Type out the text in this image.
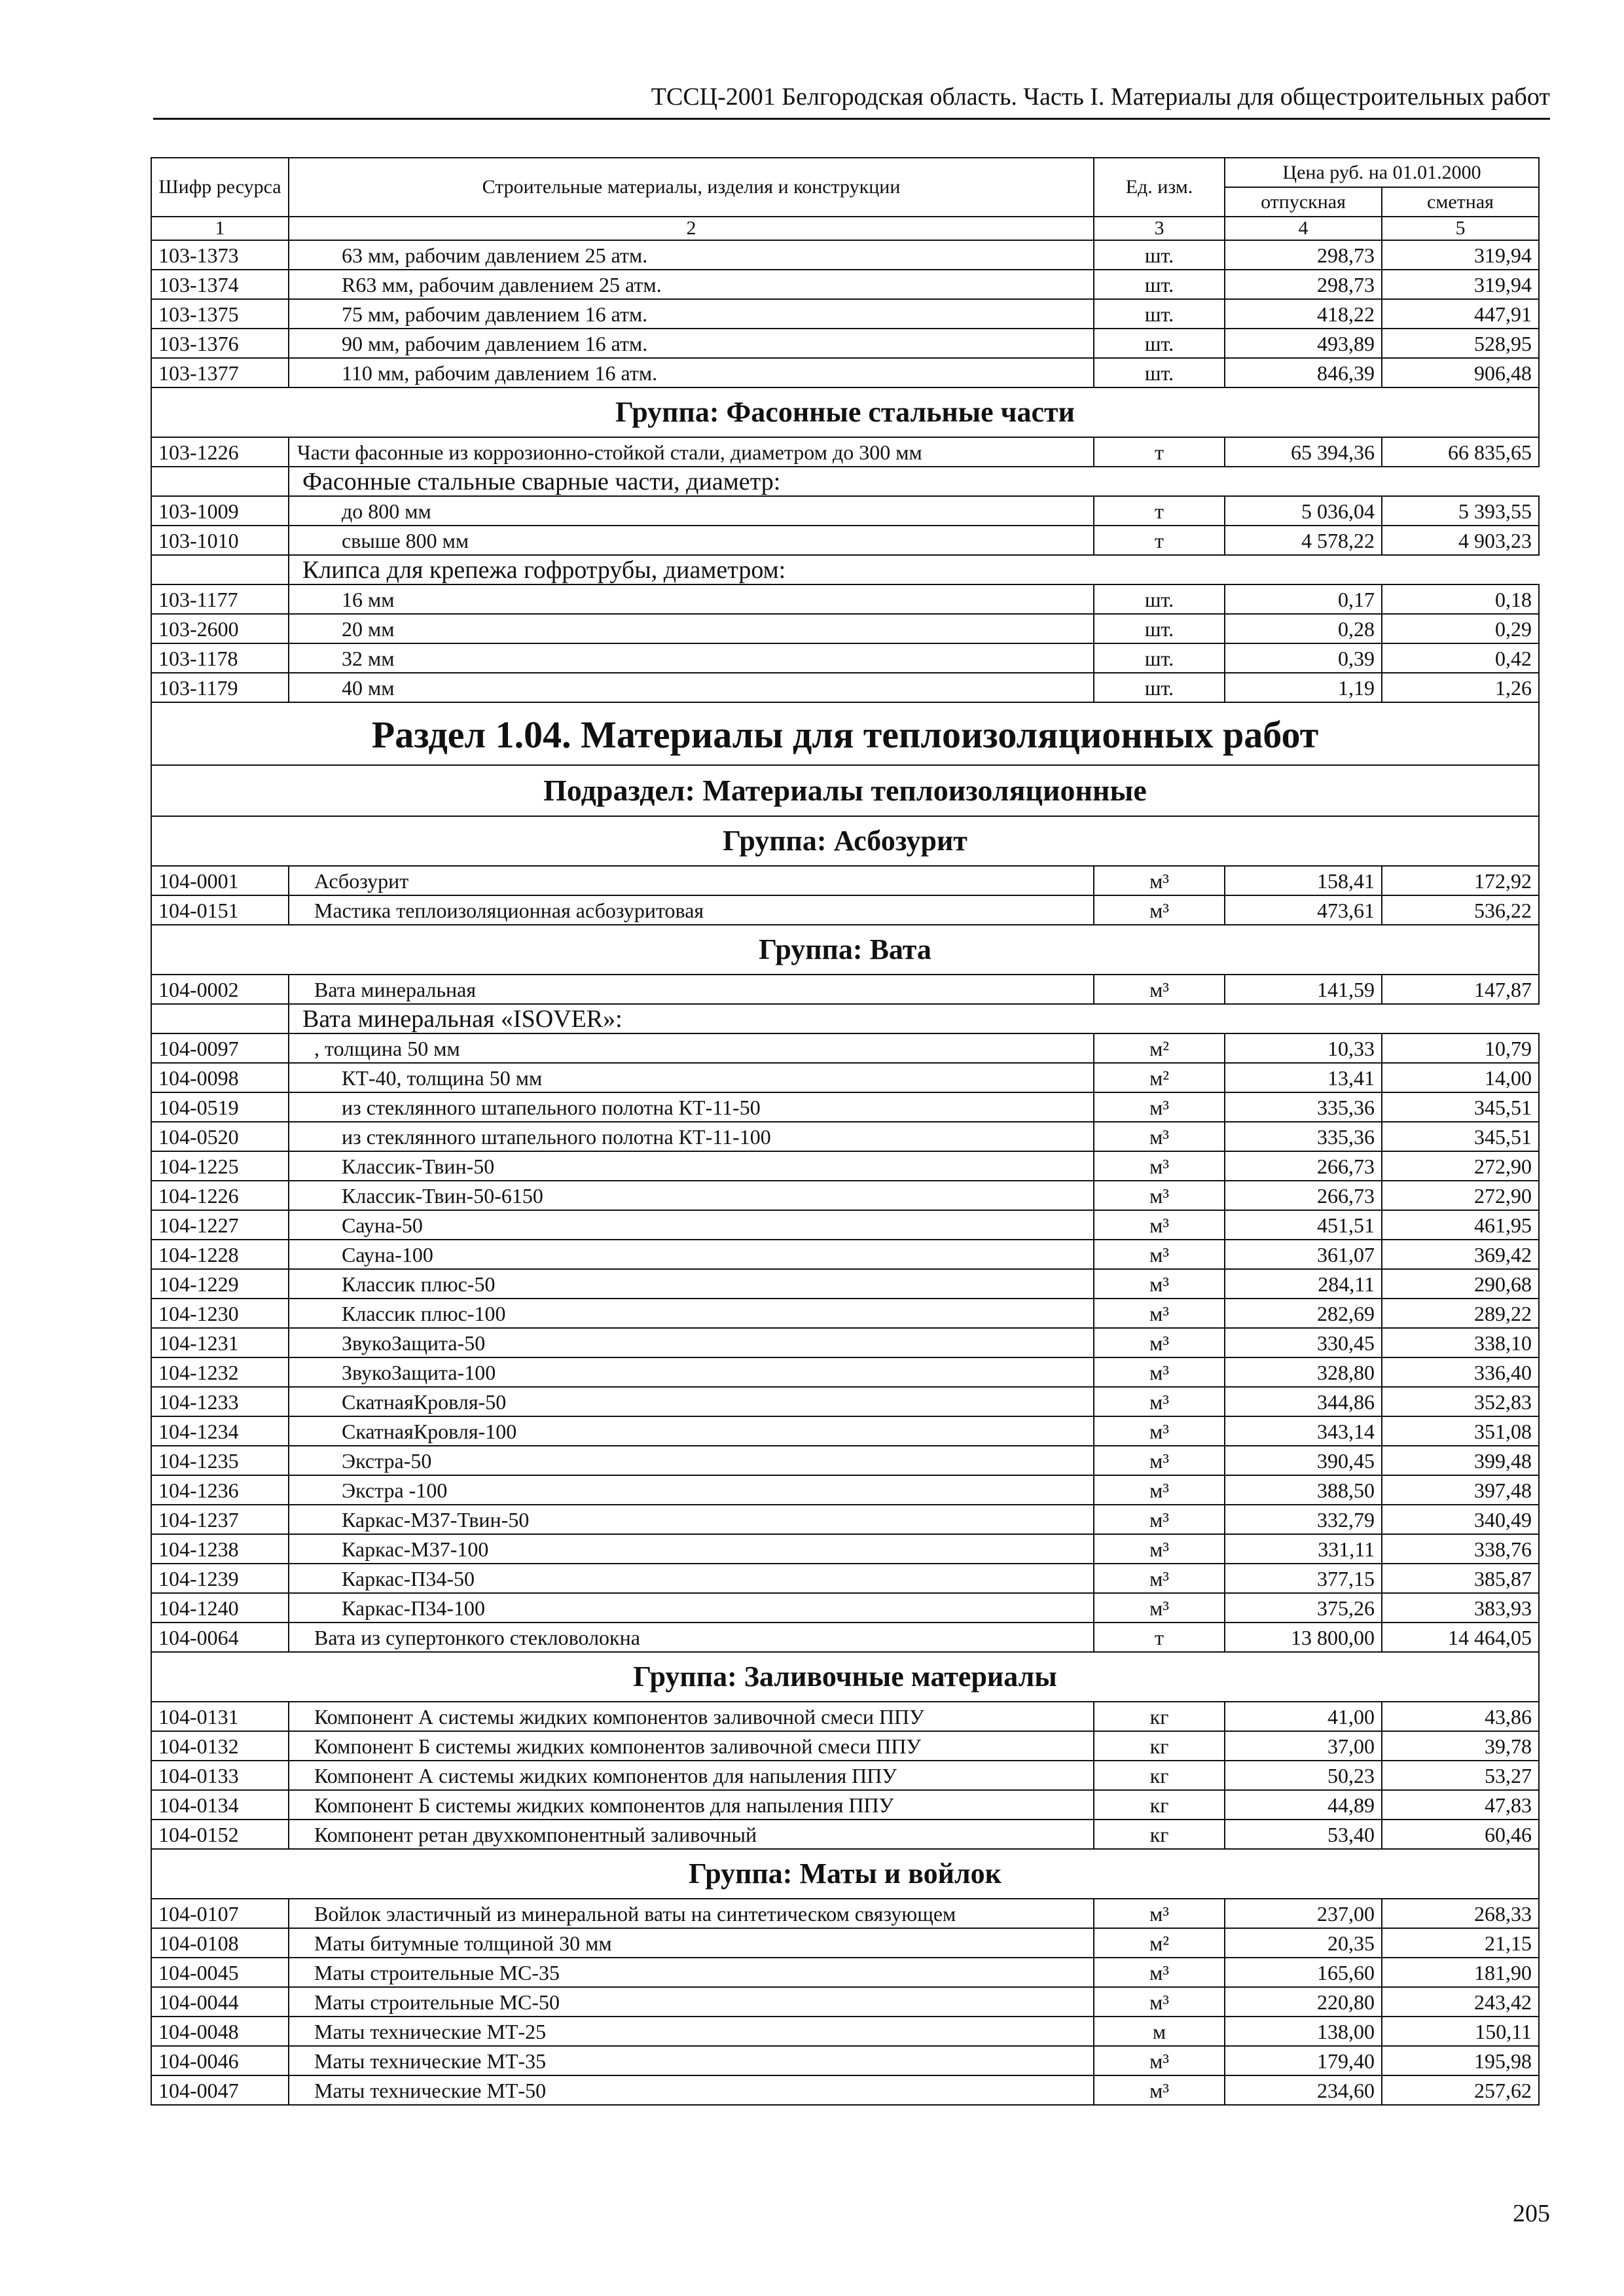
ТССЦ-2001 Белгородская область. Часть I. Материалы для общестроительных работ
Шифр ресурса	Строительные материалы, изделия и конструкции	Ед. изм.	Цена руб. на 01.01.2000	
			отпускная	сметная
1	2	3	4	5
103-1373	63 мм, рабочим давлением 25 атм.	шт.	298,73	319,94
103-1374	R63 мм, рабочим давлением 25 атм.	шт.	298,73	319,94
103-1375	75 мм, рабочим давлением 16 атм.	шт.	418,22	447,91
103-1376	90 мм, рабочим давлением 16 атм.	шт.	493,89	528,95
103-1377	110 мм, рабочим давлением 16 атм.	шт.	846,39	906,48
Группа: Фасонные стальные части				
103-1226	Части фасонные из коррозионно-стойкой стали, диаметром до 300 мм	т	65 394,36	66 835,65
	Фасонные стальные сварные части, диаметр:			
103-1009	до 800 мм	т	5 036,04	5 393,55
103-1010	свыше 800 мм	т	4 578,22	4 903,23
	Клипса для крепежа гофротрубы, диаметром:			
103-1177	16 мм	шт.	0,17	0,18
103-2600	20 мм	шт.	0,28	0,29
103-1178	32 мм	шт.	0,39	0,42
103-1179	40 мм	шт.	1,19	1,26
Раздел 1.04. Материалы для теплоизоляционных работ				
Подраздел: Материалы теплоизоляционные				
Группа: Асбозурит				
104-0001	Асбозурит	м³	158,41	172,92
104-0151	Мастика теплоизоляционная асбозуритовая	м³	473,61	536,22
Группа: Вата				
104-0002	Вата минеральная	м³	141,59	147,87
	Вата минеральная «ISOVER»:			
104-0097	, толщина 50 мм	м²	10,33	10,79
104-0098	КТ-40, толщина 50 мм	м²	13,41	14,00
104-0519	из стеклянного штапельного полотна КТ-11-50	м³	335,36	345,51
104-0520	из стеклянного штапельного полотна КТ-11-100	м³	335,36	345,51
104-1225	Классик-Твин-50	м³	266,73	272,90
104-1226	Классик-Твин-50-6150	м³	266,73	272,90
104-1227	Сауна-50	м³	451,51	461,95
104-1228	Сауна-100	м³	361,07	369,42
104-1229	Классик плюс-50	м³	284,11	290,68
104-1230	Классик плюс-100	м³	282,69	289,22
104-1231	ЗвукоЗащита-50	м³	330,45	338,10
104-1232	ЗвукоЗащита-100	м³	328,80	336,40
104-1233	СкатнаяКровля-50	м³	344,86	352,83
104-1234	СкатнаяКровля-100	м³	343,14	351,08
104-1235	Экстра-50	м³	390,45	399,48
104-1236	Экстра -100	м³	388,50	397,48
104-1237	Каркас-М37-Твин-50	м³	332,79	340,49
104-1238	Каркас-М37-100	м³	331,11	338,76
104-1239	Каркас-П34-50	м³	377,15	385,87
104-1240	Каркас-П34-100	м³	375,26	383,93
104-0064	Вата из супертонкого стекловолокна	т	13 800,00	14 464,05
Группа: Заливочные материалы				
104-0131	Компонент А системы жидких компонентов заливочной смеси ППУ	кг	41,00	43,86
104-0132	Компонент Б системы жидких компонентов заливочной смеси ППУ	кг	37,00	39,78
104-0133	Компонент А системы жидких компонентов для напыления ППУ	кг	50,23	53,27
104-0134	Компонент Б системы жидких компонентов для напыления ППУ	кг	44,89	47,83
104-0152	Компонент ретан двухкомпонентный заливочный	кг	53,40	60,46
Группа: Маты и войлок				
104-0107	Войлок эластичный из минеральной ваты на синтетическом связующем	м³	237,00	268,33
104-0108	Маты битумные толщиной 30 мм	м²	20,35	21,15
104-0045	Маты строительные МС-35	м³	165,60	181,90
104-0044	Маты строительные МС-50	м³	220,80	243,42
104-0048	Маты технические МТ-25	м	138,00	150,11
104-0046	Маты технические МТ-35	м³	179,40	195,98
104-0047	Маты технические МТ-50	м³	234,60	257,62
205
